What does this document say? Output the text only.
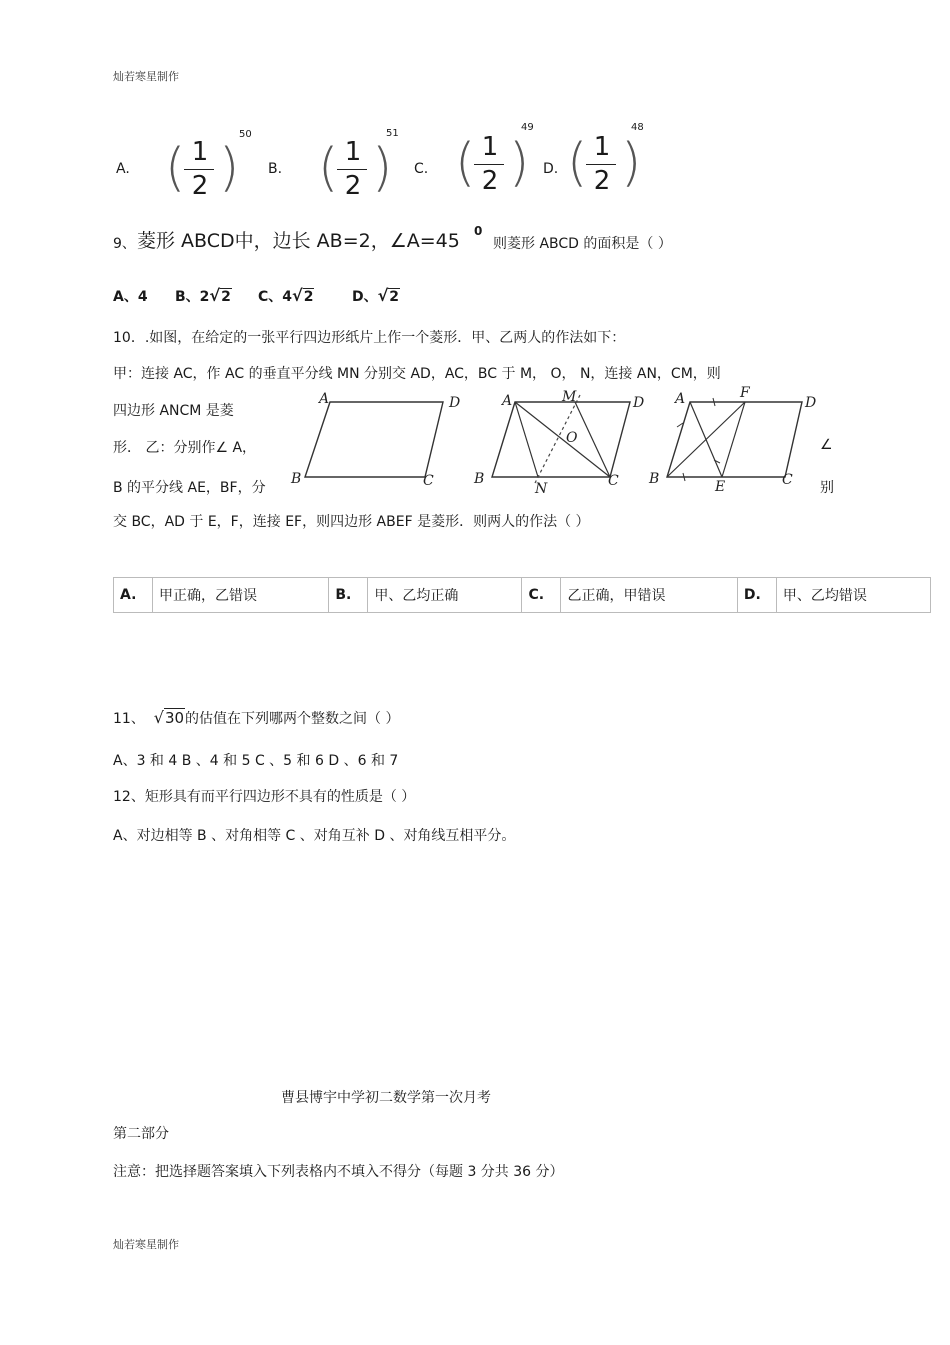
灿若寒星制作
灿若寒星制作
A. ( )
1
2
50
B. ( )
1
2
51
C. ( )
1
2
49
D. ( )
1
2
48
9、 菱形 ABCD中，边长 AB=2，∠A=45 0
则菱形 ABCD 的面积是（ ）
A、4 B、2√2 C、4√2	D、√2
10．.如图，在给定的一张平行四边形纸片上作一个菱形．甲、乙两人的作法如下：
甲：连接 AC，作 AC 的垂直平分线 MN 分别交 AD，AC，BC 于 M， O， N，连接 AN，CM，则
四边形 ANCM 是菱
形． 乙：分别作∠ A，	∠
B 的平分线 AE，BF，分	别
交 BC，AD 于 E，F，连接 EF，则四边形 ABEF 是菱形．则两人的作法（ ）
A	D
B	C
A	M	D
O
B
N	C
A	F
D
B	E	C
A.	甲正确，乙错误	B.	甲、乙均正确	C.	乙正确，甲错误	D.	甲、乙均错误
11、 √30的估值在下列哪两个整数之间（ ）
A、3 和 4 B 、4 和 5 C 、5 和 6 D 、6 和 7
12、矩形具有而平行四边形不具有的性质是（ ）
A、对边相等 B 、对角相等 C 、对角互补 D 、对角线互相平分。
曹县博宇中学初二数学第一次月考
第二部分
注意：把选择题答案填入下列表格内不填入不得分（每题 3 分共 36 分）
